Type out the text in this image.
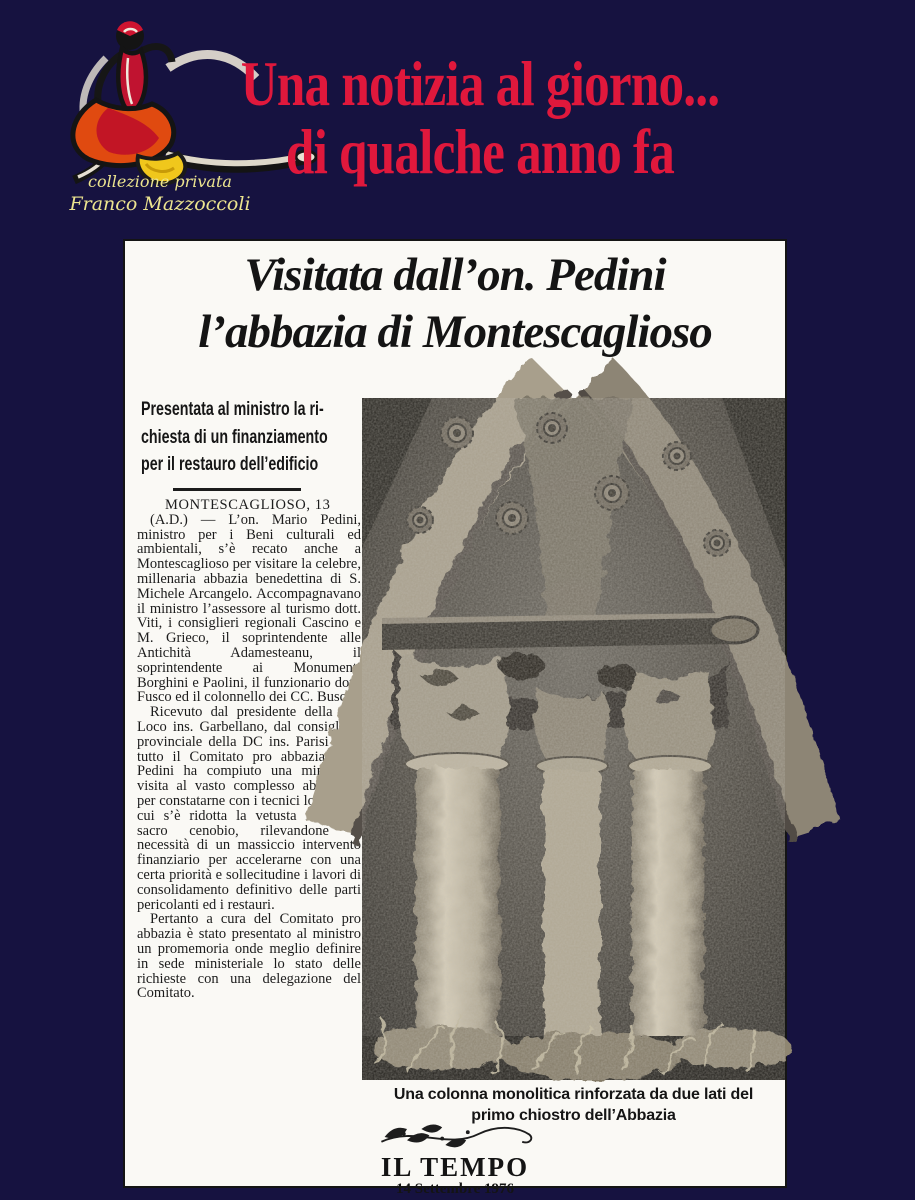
Una notizia al giorno...
di qualche anno fa
collezione privata
Franco Mazzoccoli
Visitata dall’on. Pedini
l’abbazia di Montescaglioso
Presentata al ministro la ri-
chiesta di un finanziamento
per il restauro dell’edificio
MONTESCAGLIOSO, 13

(A.D.) — L’on. Mario Pedini, ministro per i Beni culturali ed ambientali, s’è recato anche a Montescaglioso per visitare la celebre, millenaria abbazia benedettina di S. Michele Arcangelo. Accompagnavano il ministro l’assessore al turismo dott. Viti, i consiglieri regionali Cascino e M. Grieco, il soprintendente alle Antichità Adamesteanu, il soprintendente ai Monumenti Borghini e Paolini, il funzionario dott. Fusco ed il colonnello dei CC. Buscia.

Ricevuto dal presidente della Pro Loco ins. Garbellano, dal consigliere provinciale della DC ins. Parisi e da tutto il Comitato pro abbazia l’on. Pedini ha compiuto una minuziosa visita al vasto complesso abbaziale, per constatarne con i tecnici lo stato in cui s’è ridotta la vetusta mole del sacro cenobio, rilevandone la necessità di un massiccio intervento finanziario per accelerarne con una certa priorità e sollecitudine i lavori di consolidamento definitivo delle parti pericolanti ed i restauri.

Pertanto a cura del Comitato pro abbazia è stato presentato al ministro un promemoria onde meglio definire in sede ministeriale lo stato delle richieste con una delegazione del Comitato.

Una colonna monolitica rinforzata da due lati del
primo chiostro dell’Abbazia
IL TEMPO
14 Settembre 1976
